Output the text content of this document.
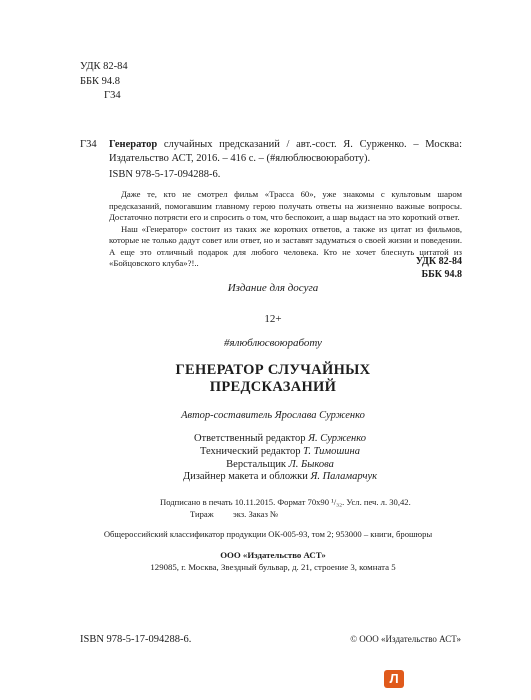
УДК 82-84
ББК 94.8
Г34
Г34	Генератор случайных предсказаний / авт.-сост. Я. Сурженко. – Москва: Издательство АСТ, 2016. – 416 с. – (#ялюблюсвоюработу).
ISBN 978-5-17-094288-6.

Даже те, кто не смотрел фильм «Трасса 60», уже знакомы с культовым шаром предсказаний, помогавшим главному герою получать ответы на жизненно важные вопросы. Достаточно потрясти его и спросить о том, что беспокоит, а шар выдаст на это короткий ответ.

Наш «Генератор» состоит из таких же коротких ответов, а также из цитат из фильмов, которые не только дадут совет или ответ, но и заставят задуматься о своей жизни и поведении. А еще это отличный подарок для любого человека. Кто не хочет блеснуть цитатой из «Бойцовского клуба»?!..	УДК 82-84
ББК 94.8
Издание для досуга
12+
#ялюблюсвоюработу
ГЕНЕРАТОР СЛУЧАЙНЫХ
ПРЕДСКАЗАНИЙ
Автор-составитель Ярослава Сурженко
Ответственный редактор Я. Сурженко
Технический редактор Т. Тимошина
Верстальщик Л. Быкова
Дизайнер макета и обложки Я. Паламарчук
Подписано в печать 10.11.2015. Формат 70x90 ¹/₃₂. Усл. печ. л. 30,42.
Тираж         экз. Заказ №
Общероссийский классификатор продукции ОК-005-93, том 2; 953000 – книги, брошюры
ООО «Издательство АСТ»
129085, г. Москва, Звездный бульвар, д. 21, строение 3, комната 5
ISBN 978-5-17-094288-6.	© ООО «Издательство АСТ»
Л
